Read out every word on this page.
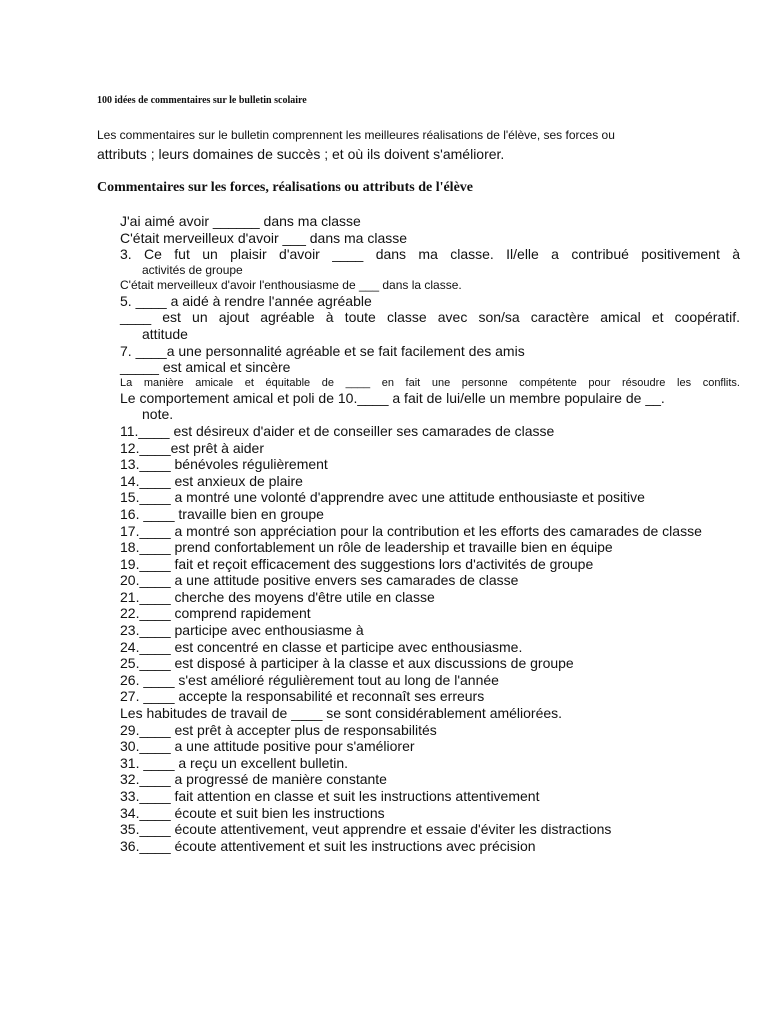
100 idées de commentaires sur le bulletin scolaire
Les commentaires sur le bulletin comprennent les meilleures réalisations de l'élève, ses forces ou
attributs ; leurs domaines de succès ; et où ils doivent s'améliorer.
Commentaires sur les forces, réalisations ou attributs de l'élève
J'ai aimé avoir ______ dans ma classe
C'était merveilleux d'avoir ___ dans ma classe
3. Ce fut un plaisir d'avoir ____ dans ma classe. Il/elle a contribué positivement à
activités de groupe
C'était merveilleux d'avoir l'enthousiasme de ___ dans la classe.
5. ____ a aidé à rendre l'année agréable
____ est un ajout agréable à toute classe avec son/sa caractère amical et coopératif.
attitude
7. ____a une personnalité agréable et se fait facilement des amis
_____ est amical et sincère
La manière amicale et équitable de ____ en fait une personne compétente pour résoudre les conflits.
Le comportement amical et poli de 10.____ a fait de lui/elle un membre populaire de __.
note.
11.____ est désireux d'aider et de conseiller ses camarades de classe
12.____est prêt à aider
13.____ bénévoles régulièrement
14.____ est anxieux de plaire
15.____ a montré une volonté d'apprendre avec une attitude enthousiaste et positive
16. ____ travaille bien en groupe
17.____ a montré son appréciation pour la contribution et les efforts des camarades de classe
18.____ prend confortablement un rôle de leadership et travaille bien en équipe
19.____ fait et reçoit efficacement des suggestions lors d'activités de groupe
20.____ a une attitude positive envers ses camarades de classe
21.____ cherche des moyens d'être utile en classe
22.____ comprend rapidement
23.____ participe avec enthousiasme à
24.____ est concentré en classe et participe avec enthousiasme.
25.____ est disposé à participer à la classe et aux discussions de groupe
26. ____ s'est amélioré régulièrement tout au long de l'année
27. ____ accepte la responsabilité et reconnaît ses erreurs
Les habitudes de travail de ____ se sont considérablement améliorées.
29.____ est prêt à accepter plus de responsabilités
30.____ a une attitude positive pour s'améliorer
31. ____ a reçu un excellent bulletin.
32.____ a progressé de manière constante
33.____ fait attention en classe et suit les instructions attentivement
34.____ écoute et suit bien les instructions
35.____ écoute attentivement, veut apprendre et essaie d'éviter les distractions
36.____ écoute attentivement et suit les instructions avec précision
